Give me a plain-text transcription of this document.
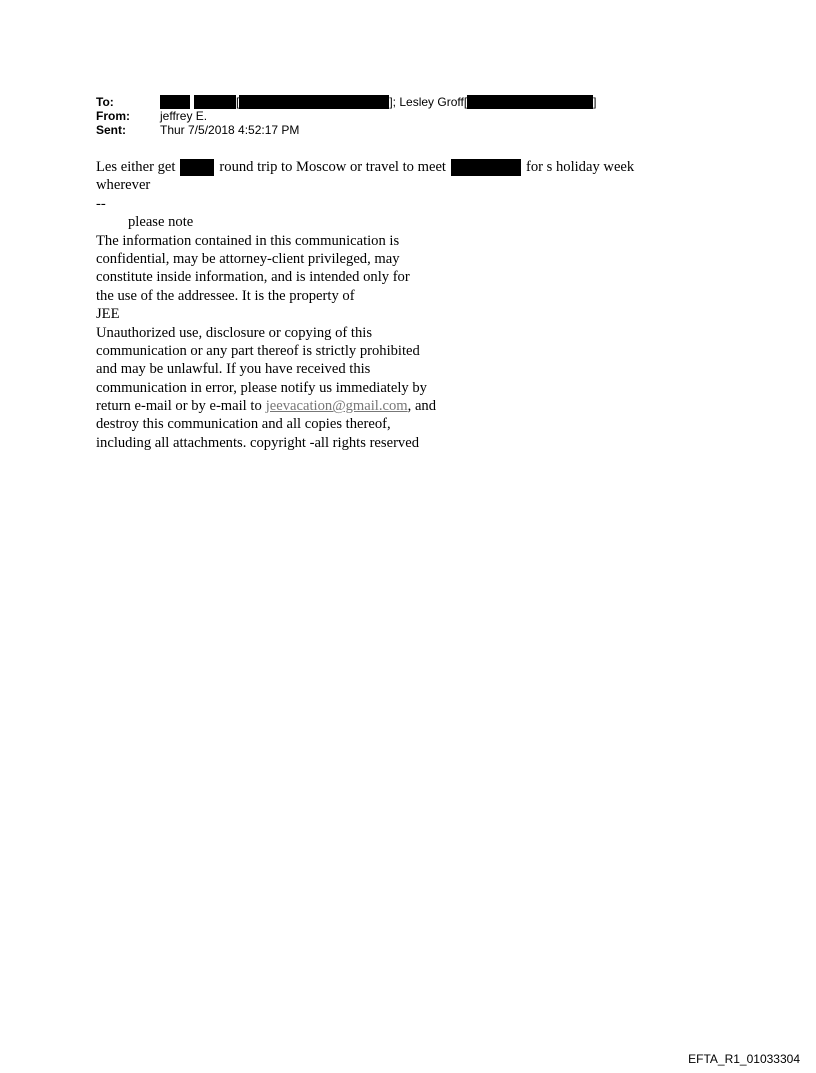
To:	[	]; Lesley Groff[	]
From:	jeffrey E.
Sent:	Thur 7/5/2018 4:52:17 PM
Les either get	round trip to Moscow or travel to meet	for s holiday week
wherever
--
please note
The information contained in this communication is
confidential, may be attorney-client privileged, may
constitute inside information, and is intended only for
the use of the addressee. It is the property of
JEE
Unauthorized use, disclosure or copying of this
communication or any part thereof is strictly prohibited
and may be unlawful. If you have received this
communication in error, please notify us immediately by
return e-mail or by e-mail to jeevacation@gmail.com , and
destroy this communication and all copies thereof,
including all attachments. copyright -all rights reserved
EFTA_R1_01033304
